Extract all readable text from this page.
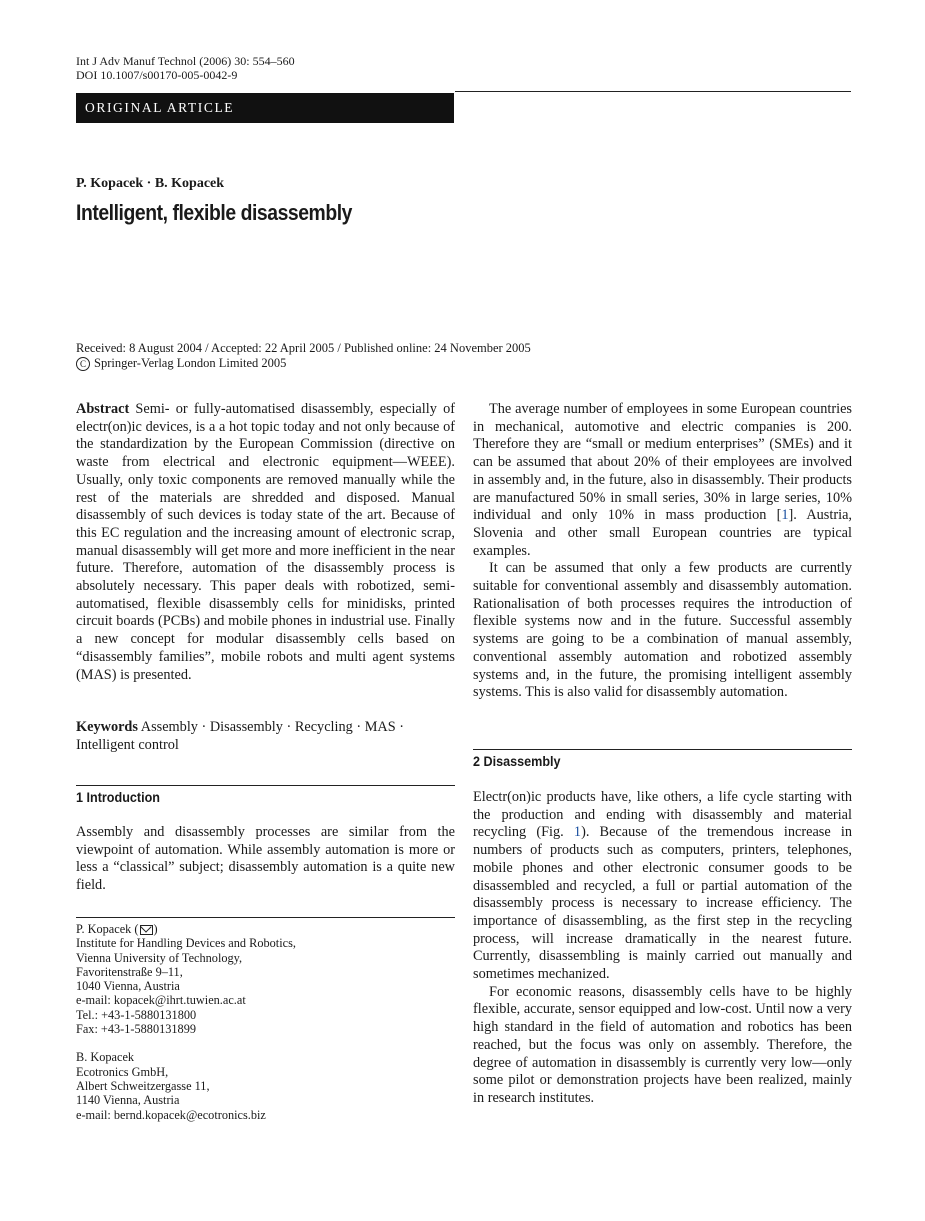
Int J Adv Manuf Technol (2006) 30: 554–560
DOI 10.1007/s00170-005-0042-9
ORIGINAL ARTICLE
P. Kopacek · B. Kopacek
Intelligent, flexible disassembly
Received: 8 August 2004 / Accepted: 22 April 2005 / Published online: 24 November 2005
C Springer-Verlag London Limited 2005

Abstract Semi- or fully-automatised disassembly, especially of electr(on)ic devices, is a a hot topic today and not only because of the standardization by the European Commission (directive on waste from electrical and electronic equipment—WEEE). Usually, only toxic components are removed manually while the rest of the materials are shredded and disposed. Manual disassembly of such devices is today state of the art. Because of this EC regulation and the increasing amount of electronic scrap, manual disassembly will get more and more inefficient in the near future. Therefore, automation of the disassembly process is absolutely necessary. This paper deals with robotized, semi-automatised, flexible disassembly cells for minidisks, printed circuit boards (PCBs) and mobile phones in industrial use. Finally a new concept for modular disassembly cells based on “disassembly families”, mobile robots and multi agent systems (MAS) is presented.

Keywords Assembly · Disassembly · Recycling · MAS · Intelligent control

1 Introduction

Assembly and disassembly processes are similar from the viewpoint of automation. While assembly automation is more or less a “classical” subject; disassembly automation is a quite new field.

P. Kopacek ( )

Institute for Handling Devices and Robotics,

Vienna University of Technology,

Favoritenstraße 9–11,

1040 Vienna, Austria

e-mail: kopacek@ihrt.tuwien.ac.at

Tel.: +43-1-5880131800

Fax: +43-1-5880131899

B. Kopacek

Ecotronics GmbH,

Albert Schweitzergasse 11,

1140 Vienna, Austria

e-mail: bernd.kopacek@ecotronics.biz

The average number of employees in some European countries in mechanical, automotive and electric companies is 200. Therefore they are “small or medium enterprises” (SMEs) and it can be assumed that about 20% of their employees are involved in assembly and, in the future, also in disassembly. Their products are manufactured 50% in small series, 30% in large series, 10% individual and only 10% in mass production [1]. Austria, Slovenia and other small European countries are typical examples.

It can be assumed that only a few products are currently suitable for conventional assembly and disassembly automation. Rationalisation of both processes requires the introduction of flexible systems now and in the future. Successful assembly systems are going to be a combination of manual assembly, conventional assembly automation and robotized assembly systems and, in the future, the promising intelligent assembly systems. This is also valid for disassembly automation.

2 Disassembly

Electr(on)ic products have, like others, a life cycle starting with the production and ending with disassembly and material recycling (Fig. 1). Because of the tremendous increase in numbers of products such as computers, printers, telephones, mobile phones and other electronic consumer goods to be disassembled and recycled, a full or partial automation of the disassembly process is necessary to increase efficiency. The importance of disassembling, as the first step in the recycling process, will increase dramatically in the nearest future. Currently, disassembling is mainly carried out manually and sometimes mechanized.

For economic reasons, disassembly cells have to be highly flexible, accurate, sensor equipped and low-cost. Until now a very high standard in the field of automation and robotics has been reached, but the focus was only on assembly. Therefore, the degree of automation in disassembly is currently very low—only some pilot or demonstration projects have been realized, mainly in research institutes.
